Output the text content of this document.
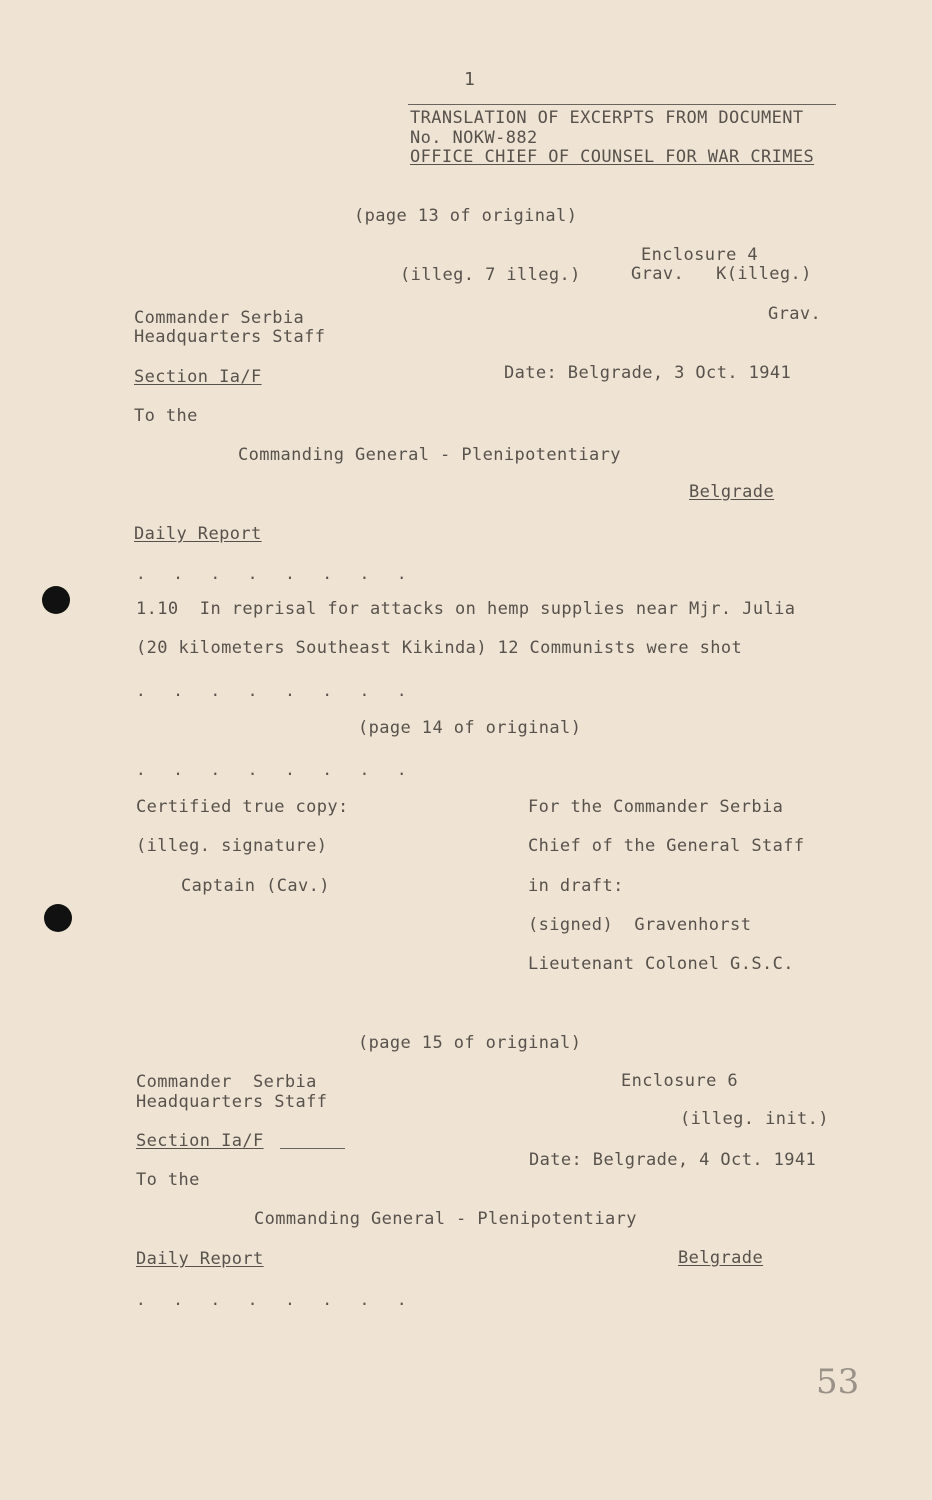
1
TRANSLATION OF EXCERPTS FROM DOCUMENT
No. NOKW-882
OFFICE CHIEF OF COUNSEL FOR WAR CRIMES
(page 13 of original)
Enclosure 4
(illeg. 7 illeg.)	Grav.   K(illeg.)
Commander Serbia	Grav.
Headquarters Staff
Section Ia/F	Date: Belgrade, 3 Oct. 1941
To the
Commanding General - Plenipotentiary
Belgrade
Daily Report
. . . . . . . .
1.10  In reprisal for attacks on hemp supplies near Mjr. Julia
(20 kilometers Southeast Kikinda) 12 Communists were shot
. . . . . . . .
(page 14 of original)
. . . . . . . .
Certified true copy:	For the Commander Serbia
(illeg. signature)	Chief of the General Staff
Captain (Cav.)	in draft:
(signed)  Gravenhorst
Lieutenant Colonel G.S.C.
(page 15 of original)
Commander  Serbia	Enclosure 6
Headquarters Staff
(illeg. init.)
Section Ia/F
Date: Belgrade, 4 Oct. 1941
To the
Commanding General - Plenipotentiary
Daily Report	Belgrade
. . . . . . . .
53
